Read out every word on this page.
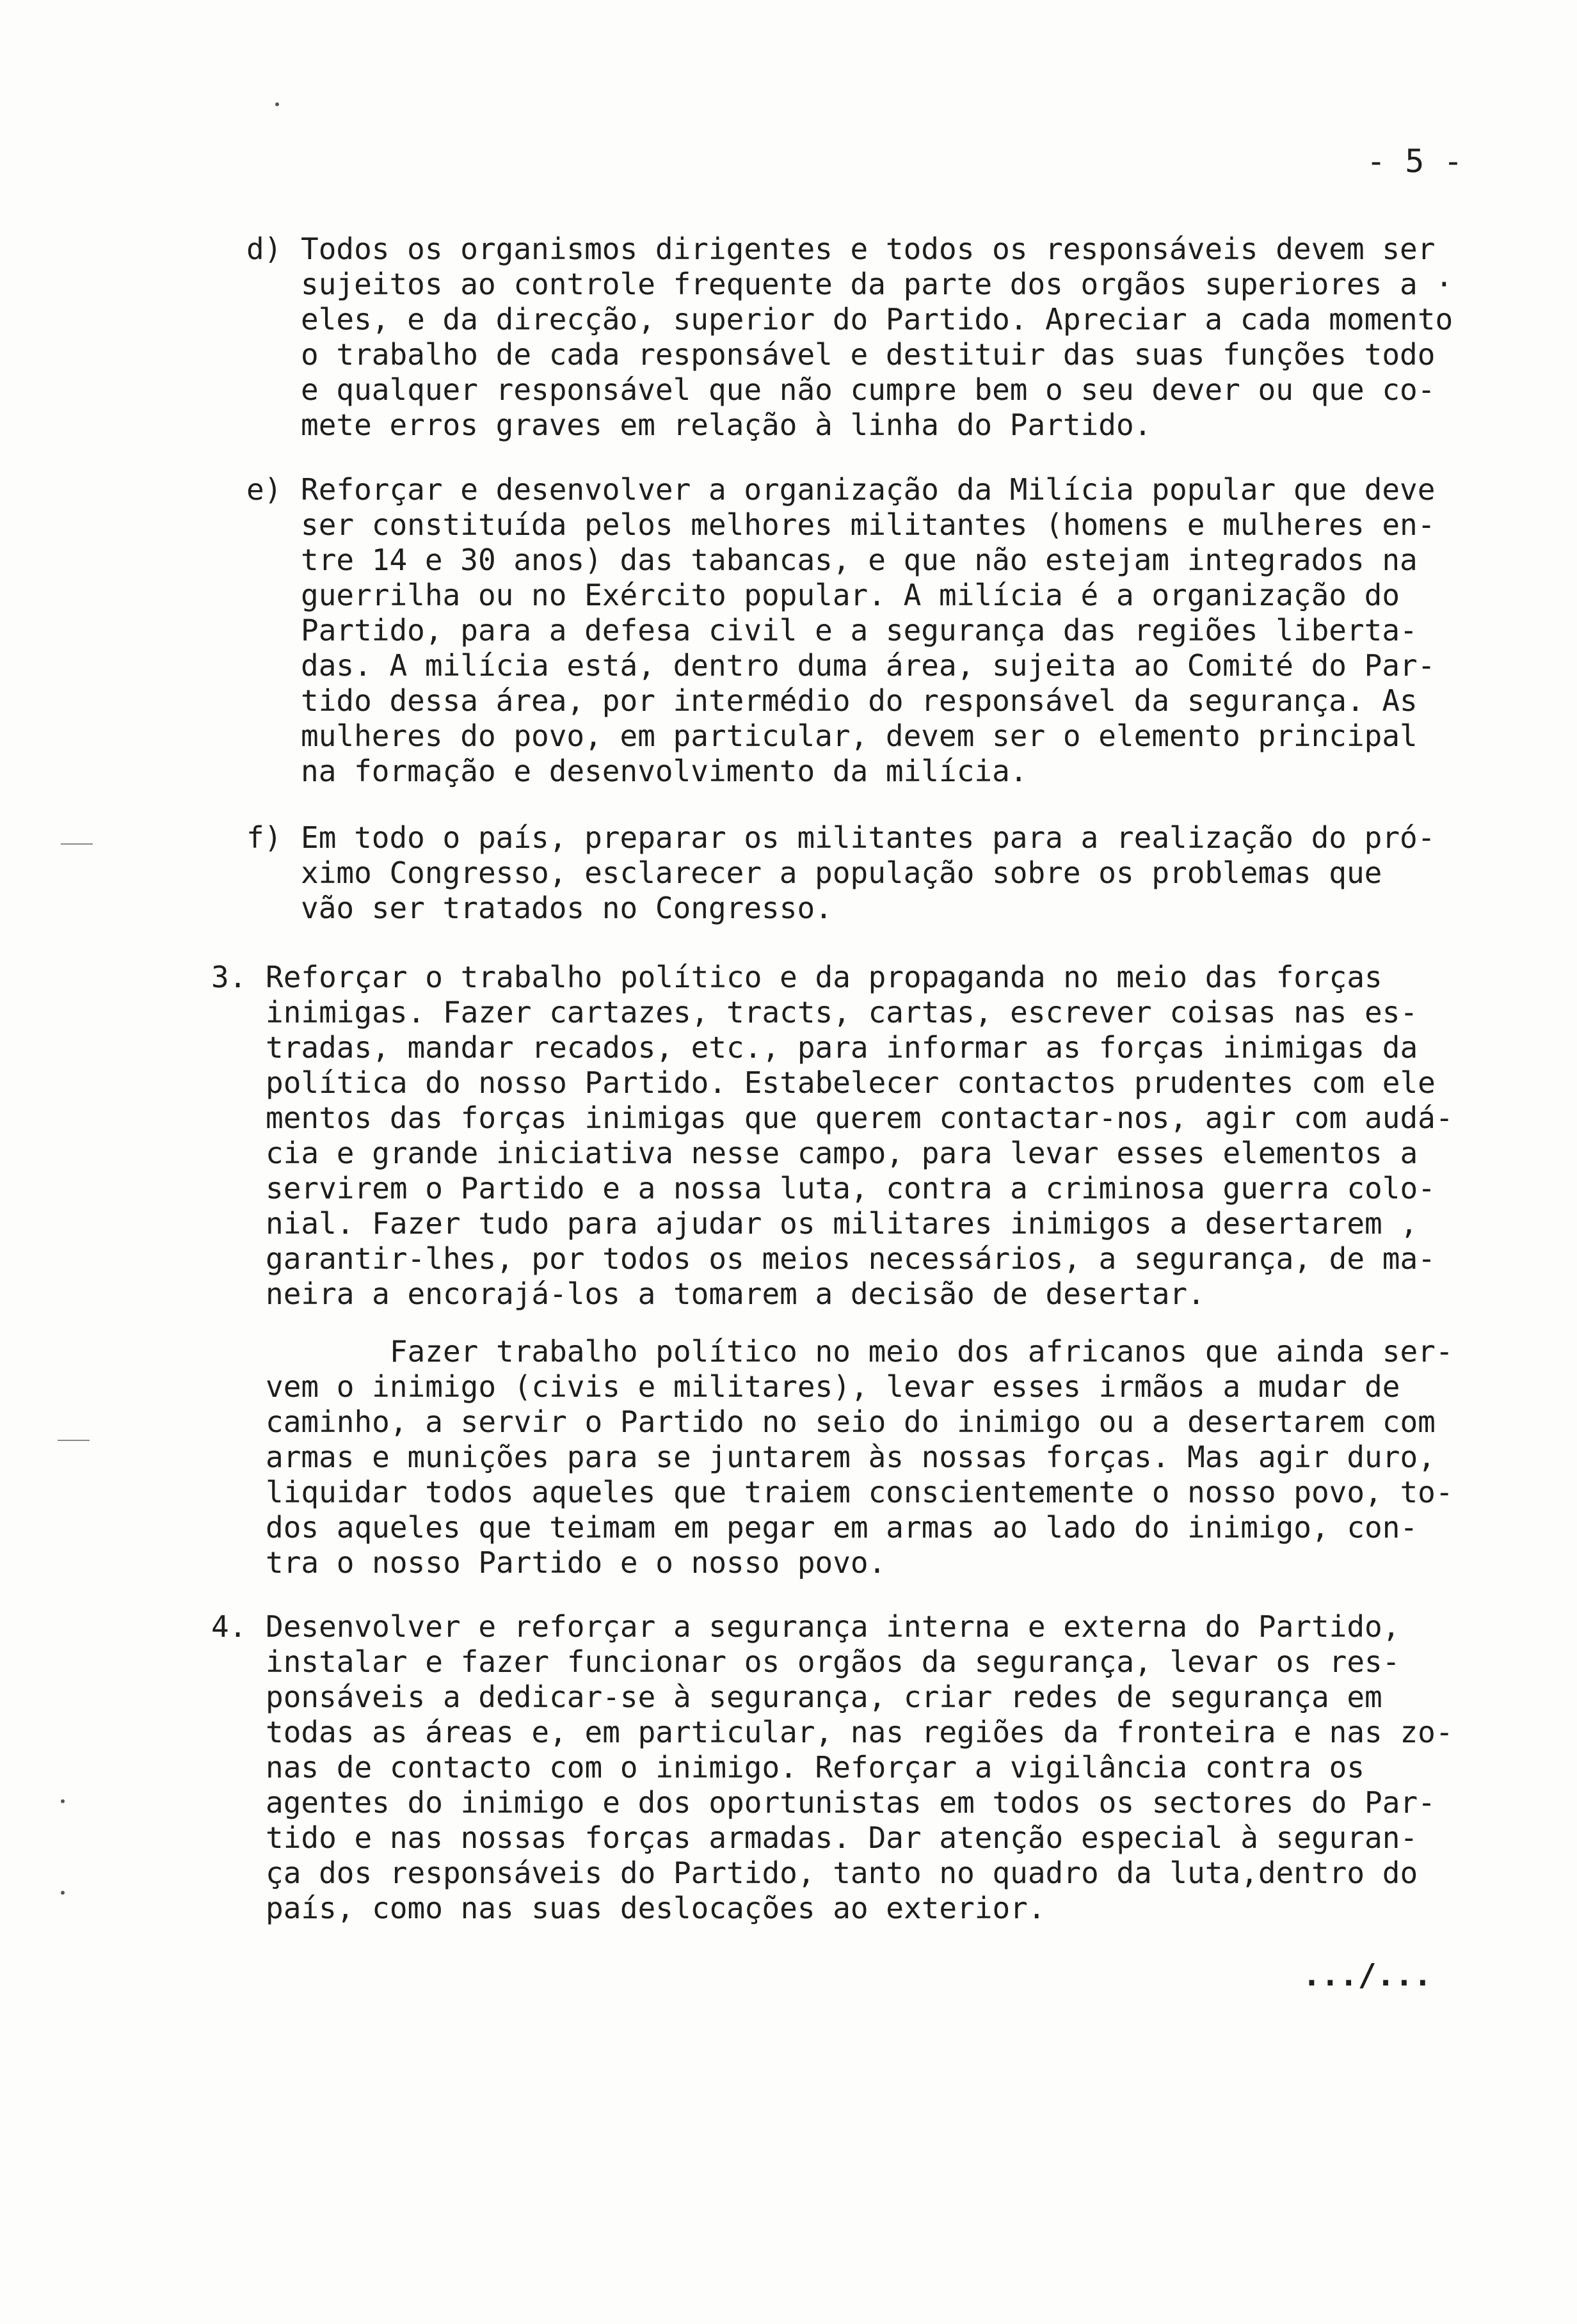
- 5 -
d) Todos os organismos dirigentes e todos os responsáveis devem ser
sujeitos ao controle frequente da parte dos orgãos superiores a ·
eles, e da direcção, superior do Partido. Apreciar a cada momento
o trabalho de cada responsável e destituir das suas funções todo
e qualquer responsável que não cumpre bem o seu dever ou que co-
mete erros graves em relação à linha do Partido.
e) Reforçar e desenvolver a organização da Milícia popular que deve
ser constituída pelos melhores militantes (homens e mulheres en-
tre 14 e 30 anos) das tabancas, e que não estejam integrados na
guerrilha ou no Exército popular. A milícia é a organização do
Partido, para a defesa civil e a segurança das regiões liberta-
das. A milícia está, dentro duma área, sujeita ao Comité do Par-
tido dessa área, por intermédio do responsável da segurança. As
mulheres do povo, em particular, devem ser o elemento principal
na formação e desenvolvimento da milícia.
f) Em todo o país, preparar os militantes para a realização do pró-
ximo Congresso, esclarecer a população sobre os problemas que
vão ser tratados no Congresso.
3. Reforçar o trabalho político e da propaganda no meio das forças
inimigas. Fazer cartazes, tracts, cartas, escrever coisas nas es-
tradas, mandar recados, etc., para informar as forças inimigas da
política do nosso Partido. Estabelecer contactos prudentes com ele
mentos das forças inimigas que querem contactar-nos, agir com audá-
cia e grande iniciativa nesse campo, para levar esses elementos a
servirem o Partido e a nossa luta, contra a criminosa guerra colo-
nial. Fazer tudo para ajudar os militares inimigos a desertarem ,
garantir-lhes, por todos os meios necessários, a segurança, de ma-
neira a encorajá-los a tomarem a decisão de desertar.
Fazer trabalho político no meio dos africanos que ainda ser-
vem o inimigo (civis e militares), levar esses irmãos a mudar de
caminho, a servir o Partido no seio do inimigo ou a desertarem com
armas e munições para se juntarem às nossas forças. Mas agir duro,
liquidar todos aqueles que traiem conscientemente o nosso povo, to-
dos aqueles que teimam em pegar em armas ao lado do inimigo, con-
tra o nosso Partido e o nosso povo.
4. Desenvolver e reforçar a segurança interna e externa do Partido,
instalar e fazer funcionar os orgãos da segurança, levar os res-
ponsáveis a dedicar-se à segurança, criar redes de segurança em
todas as áreas e, em particular, nas regiões da fronteira e nas zo-
nas de contacto com o inimigo. Reforçar a vigilância contra os
agentes do inimigo e dos oportunistas em todos os sectores do Par-
tido e nas nossas forças armadas. Dar atenção especial à seguran-
ça dos responsáveis do Partido, tanto no quadro da luta,dentro do
país, como nas suas deslocações ao exterior.
.../...
